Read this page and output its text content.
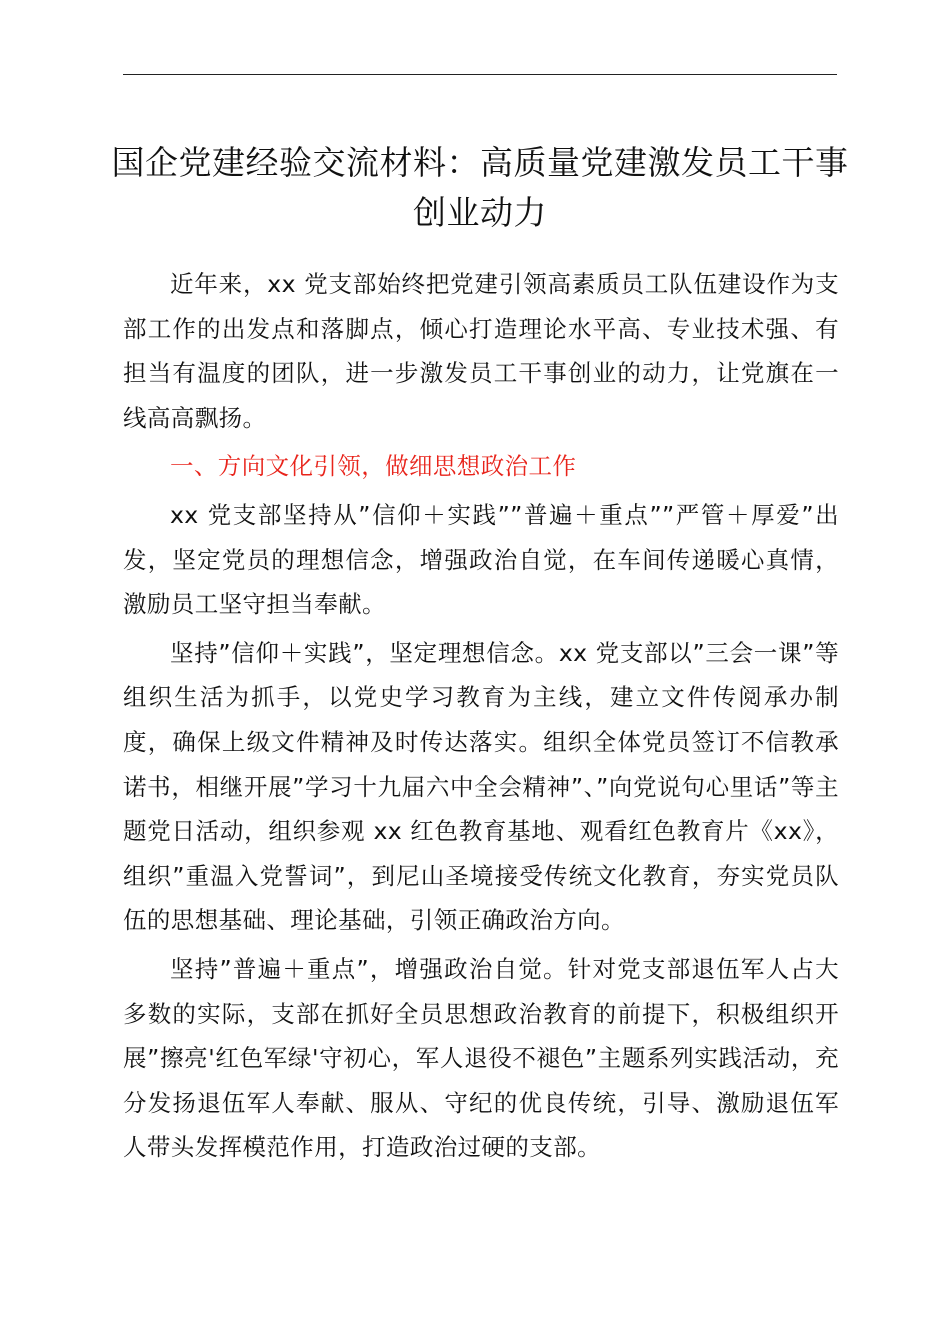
国企党建经验交流材料：高质量党建激发员工干事创业动力

近年来，xx 党支部始终把党建引领高素质员工队伍建设作为支部工作的出发点和落脚点，倾心打造理论水平高、专业技术强、有担当有温度的团队，进一步激发员工干事创业的动力，让党旗在一线高高飘扬。

一、方向文化引领，做细思想政治工作

xx 党支部坚持从”信仰＋实践””普遍＋重点””严管＋厚爱”出发，坚定党员的理想信念，增强政治自觉，在车间传递暖心真情，激励员工坚守担当奉献。

坚持”信仰＋实践”，坚定理想信念。xx 党支部以”三会一课”等组织生活为抓手，以党史学习教育为主线，建立文件传阅承办制度，确保上级文件精神及时传达落实。组织全体党员签订不信教承诺书，相继开展”学习十九届六中全会精神”、”向党说句心里话”等主题党日活动，组织参观 xx 红色教育基地、观看红色教育片《xx》，组织”重温入党誓词”，到尼山圣境接受传统文化教育，夯实党员队伍的思想基础、理论基础，引领正确政治方向。

坚持”普遍＋重点”，增强政治自觉。针对党支部退伍军人占大多数的实际，支部在抓好全员思想政治教育的前提下，积极组织开展”擦亮'红色军绿'守初心，军人退役不褪色”主题系列实践活动，充分发扬退伍军人奉献、服从、守纪的优良传统，引导、激励退伍军人带头发挥模范作用，打造政治过硬的支部。
